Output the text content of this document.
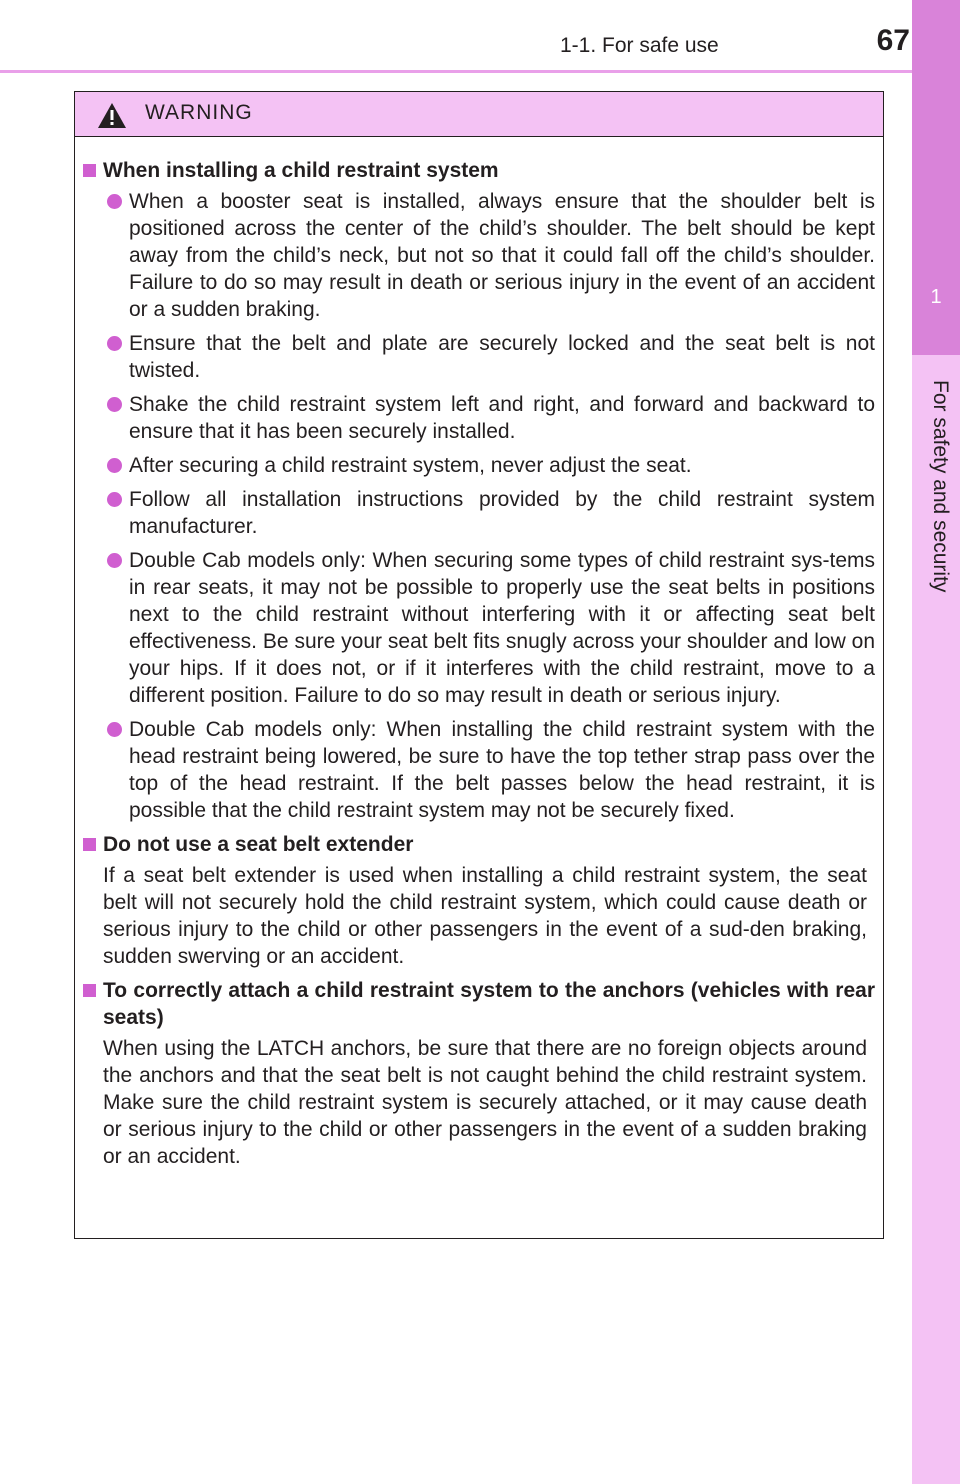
1-1. For safe use	67
1
For safety and security
WARNING
When installing a child restraint system
When a booster seat is installed, always ensure that the shoulder belt is positioned across the center of the child’s shoulder. The belt should be kept away from the child’s neck, but not so that it could fall off the child’s shoulder. Failure to do so may result in death or serious injury in the event of an accident or a sudden braking.
Ensure that the belt and plate are securely locked and the seat belt is not twisted.
Shake the child restraint system left and right, and forward and backward to ensure that it has been securely installed.
After securing a child restraint system, never adjust the seat.
Follow all installation instructions provided by the child restraint system manufacturer.
Double Cab models only: When securing some types of child restraint sys-tems in rear seats, it may not be possible to properly use the seat belts in positions next to the child restraint without interfering with it or affecting seat belt effectiveness. Be sure your seat belt fits snugly across your shoulder and low on your hips. If it does not, or if it interferes with the child restraint, move to a different position. Failure to do so may result in death or serious injury.
Double Cab models only: When installing the child restraint system with the head restraint being lowered, be sure to have the top tether strap pass over the top of the head restraint. If the belt passes below the head restraint, it is possible that the child restraint system may not be securely fixed.
Do not use a seat belt extender
If a seat belt extender is used when installing a child restraint system, the seat belt will not securely hold the child restraint system, which could cause death or serious injury to the child or other passengers in the event of a sud-den braking, sudden swerving or an accident.
To correctly attach a child restraint system to the anchors (vehicles with rear seats)
When using the LATCH anchors, be sure that there are no foreign objects around the anchors and that the seat belt is not caught behind the child restraint system. Make sure the child restraint system is securely attached, or it may cause death or serious injury to the child or other passengers in the event of a sudden braking or an accident.
